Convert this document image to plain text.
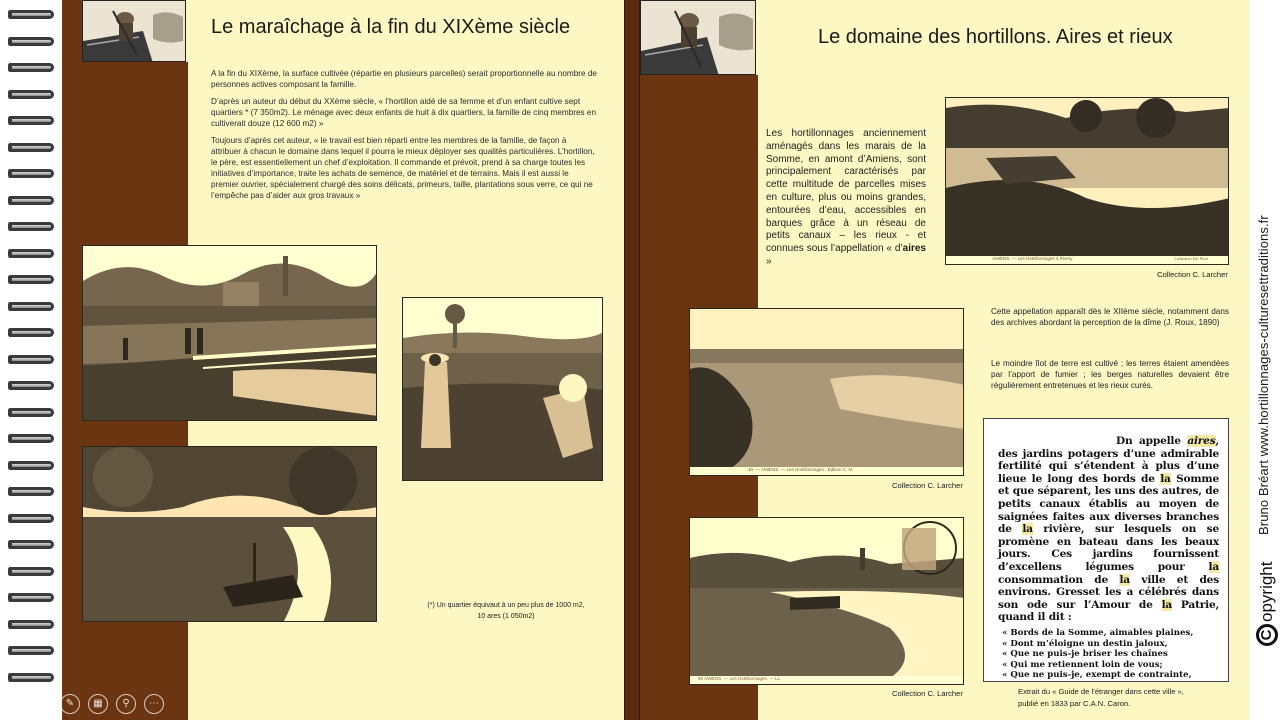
Le maraîchage à la fin du XIXème siècle

A la fin du XIXème, la surface cultivée (répartie en plusieurs parcelles) serait proportionnelle au nombre de personnes actives composant la famille.

D’après un auteur du début du XXème siècle, « l’hortillon aidé de sa femme et d’un enfant cultive sept quartiers * (7 350m2). Le ménage avec deux enfants de huit à dix quartiers, la famille de cinq membres en cultiverait douze (12 600 m2) »

Toujours d’après cet auteur, « le travail est bien réparti entre les membres de la famille, de façon à attribuer à chacun le domaine dans lequel il pourra le mieux déployer ses qualités particulières. L’hortillon, le père, est essentiellement un chef d’exploitation. Il commande et prévoit, prend à sa charge toutes les initiatives d’importance, traite les achats de semence, de matériel et de terrains. Mais il est aussi le premier ouvrier, spécialement chargé des soins délicats, primeurs, taille, plantations sous verre, ce qui ne l’empêche pas d’aider aux gros travaux »

(*) Un quartier équivaut à un peu plus de 1000 m2,
10 ares (1 050m2)
Le domaine des hortillons. Aires et rieux
Les hortillonnages anciennement aménagés dans les marais de la Somme, en amont d’Amiens, sont principalement caractérisés par cette multitude de parcelles mises en culture, plus ou moins grandes, entourées d’eau, accessibles en barques grâce à un réseau de petits canaux – les rieux - et connues sous l’appellation « d’aires »	AMIENS. — Les Hortillonnages à Rivery	Collection ND Phot
Collection C. Larcher
Cette appellation apparaît dès le XIIème siècle, notamment dans des archives abordant la perception de la dîme (J. Roux, 1890)
Le moindre îlot de terre est cultivé ; les terres étaient amendées par l’apport de fumier ; les berges naturelles devaient être régulièrement entretenues et les rieux curés.
40. — AMIENS. — Les Hortillonnages - Edition C. N.
Collection C. Larcher
90 AMIENS. — Les Hortillonnages. — LL.
Collection C. Larcher
Dn appelle aires, des jardins potagers d’une admirable fertilité qui s’étendent à plus d’une lieue le long des bords de la Somme et que séparent, les uns des autres, de petits canaux établis au moyen de saignées faites aux diverses branches de la rivière, sur lesquels on se promène en bateau dans les beaux jours. Ces jardins fournissent d’excellens légumes pour la consommation de la ville et des environs. Gresset les a célébrés dans son ode sur l’Amour de la Patrie, quand il dit :
« Bords de la Somme, aimables plaines,
« Dont m’éloigne un destin jaloux,
« Que ne puis-je briser les chaînes
« Qui me retiennent loin de vous;
« Que ne puis-je, exempt de contrainte,
Extrait du « Guide de l’étranger dans cette ville »,
publié en 1833 par C.A.N. Caron.
Bruno Bréart www.hortillonnages-culturesettraditions.fr
C
opyright
←	→	✎	▦	⚲	⋯
